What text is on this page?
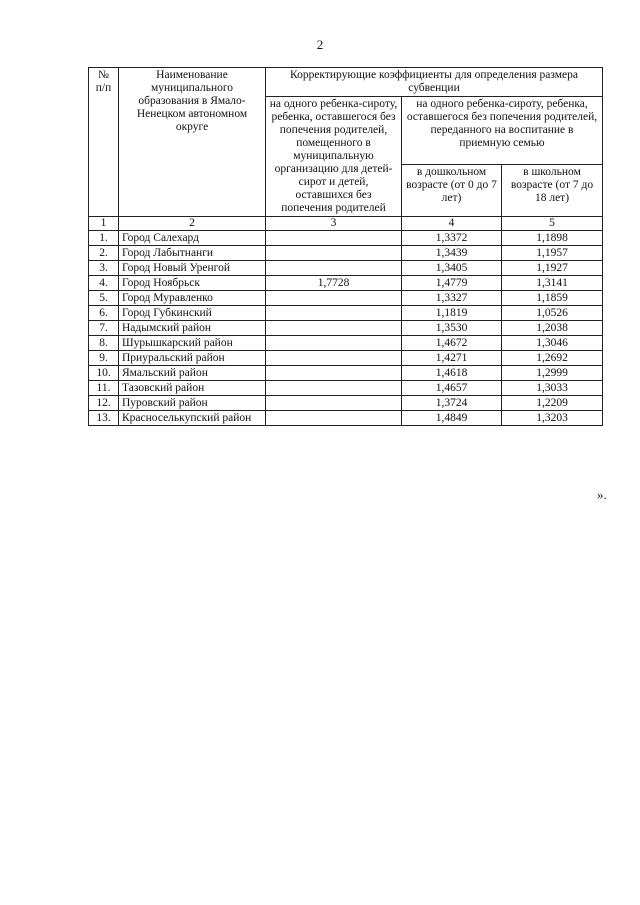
2
№ п/п	Наименование муниципального образования в Ямало-Ненецком автономном округе	Корректирующие коэффициенты для определения размера субвенции		
		на одного ребенка-сироту, ребенка, оставшегося без попечения родителей, помещенного в муниципальную организацию для детей-сирот и детей, оставшихся без попечения родителей	на одного ребенка-сироту, ребенка, оставшегося без попечения родителей, переданного на воспитание в приемную семью	
			в дошкольном возрасте (от 0 до 7 лет)	в школьном возрасте (от 7 до 18 лет)
1	2	3	4	5
1.	Город Салехард		1,3372	1,1898
2.	Город Лабытнанги		1,3439	1,1957
3.	Город Новый Уренгой		1,3405	1,1927
4.	Город Ноябрьск	1,7728	1,4779	1,3141
5.	Город Муравленко		1,3327	1,1859
6.	Город Губкинский		1,1819	1,0526
7.	Надымский район		1,3530	1,2038
8.	Шурышкарский район		1,4672	1,3046
9.	Приуральский район		1,4271	1,2692
10.	Ямальский район		1,4618	1,2999
11.	Тазовский район		1,4657	1,3033
12.	Пуровский район		1,3724	1,2209
13.	Красноселькупский район		1,4849	1,3203
».
